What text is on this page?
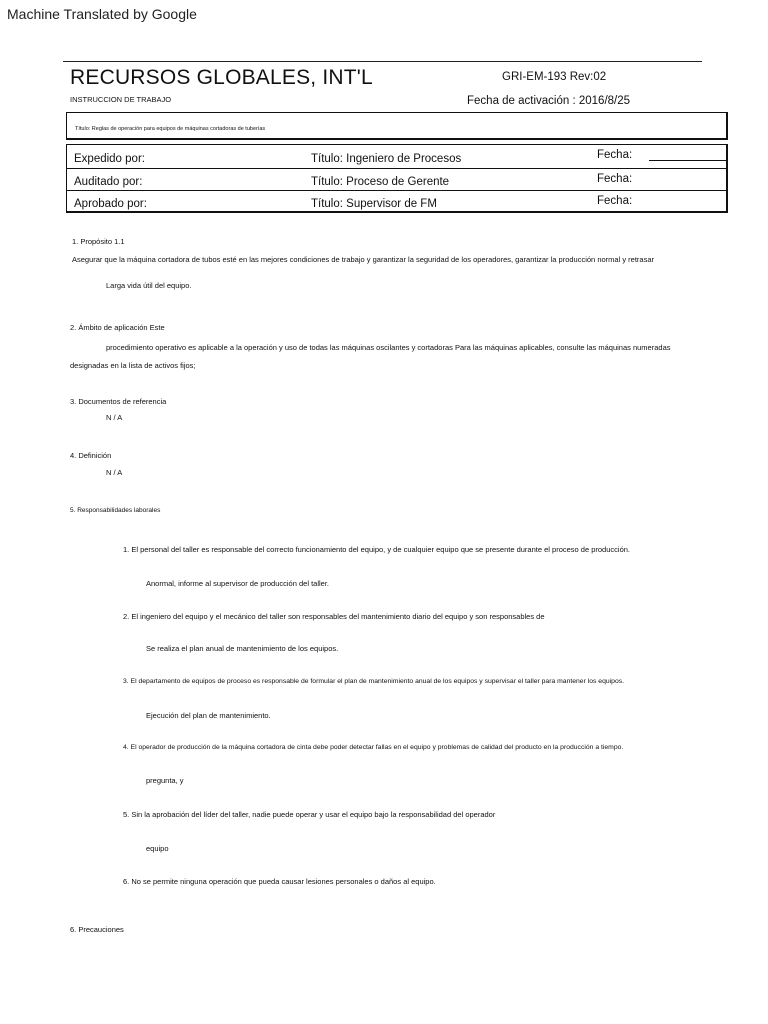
Machine Translated by Google
RECURSOS GLOBALES, INT'L	GRI-EM-193 Rev:02
INSTRUCCION DE TRABAJO	Fecha de activación : 2016/8/25
Título: Reglas de operación para equipos de máquinas cortadoras de tuberías
Expedido por:	Título: Ingeniero de Procesos	Fecha:
Auditado por:	Título: Proceso de Gerente	Fecha:
Aprobado por:	Título: Supervisor de FM	Fecha:
1. Propósito 1.1
Asegurar que la máquina cortadora de tubos esté en las mejores condiciones de trabajo y garantizar la seguridad de los operadores, garantizar la producción normal y retrasar
Larga vida útil del equipo.
2. Ámbito de aplicación Este
procedimiento operativo es aplicable a la operación y uso de todas las máquinas oscilantes y cortadoras Para las máquinas aplicables, consulte las máquinas numeradas
designadas en la lista de activos fijos;
3. Documentos de referencia
N / A
4. Definición
N / A
5. Responsabilidades laborales
1. El personal del taller es responsable del correcto funcionamiento del equipo, y de cualquier equipo que se presente durante el proceso de producción.
Anormal, informe al supervisor de producción del taller.
2. El ingeniero del equipo y el mecánico del taller son responsables del mantenimiento diario del equipo y son responsables de
Se realiza el plan anual de mantenimiento de los equipos.
3. El departamento de equipos de proceso es responsable de formular el plan de mantenimiento anual de los equipos y supervisar el taller para mantener los equipos.
Ejecución del plan de mantenimiento.
4. El operador de producción de la máquina cortadora de cinta debe poder detectar fallas en el equipo y problemas de calidad del producto en la producción a tiempo.
pregunta, y
5. Sin la aprobación del líder del taller, nadie puede operar y usar el equipo bajo la responsabilidad del operador
equipo
6. No se permite ninguna operación que pueda causar lesiones personales o daños al equipo.
6. Precauciones
